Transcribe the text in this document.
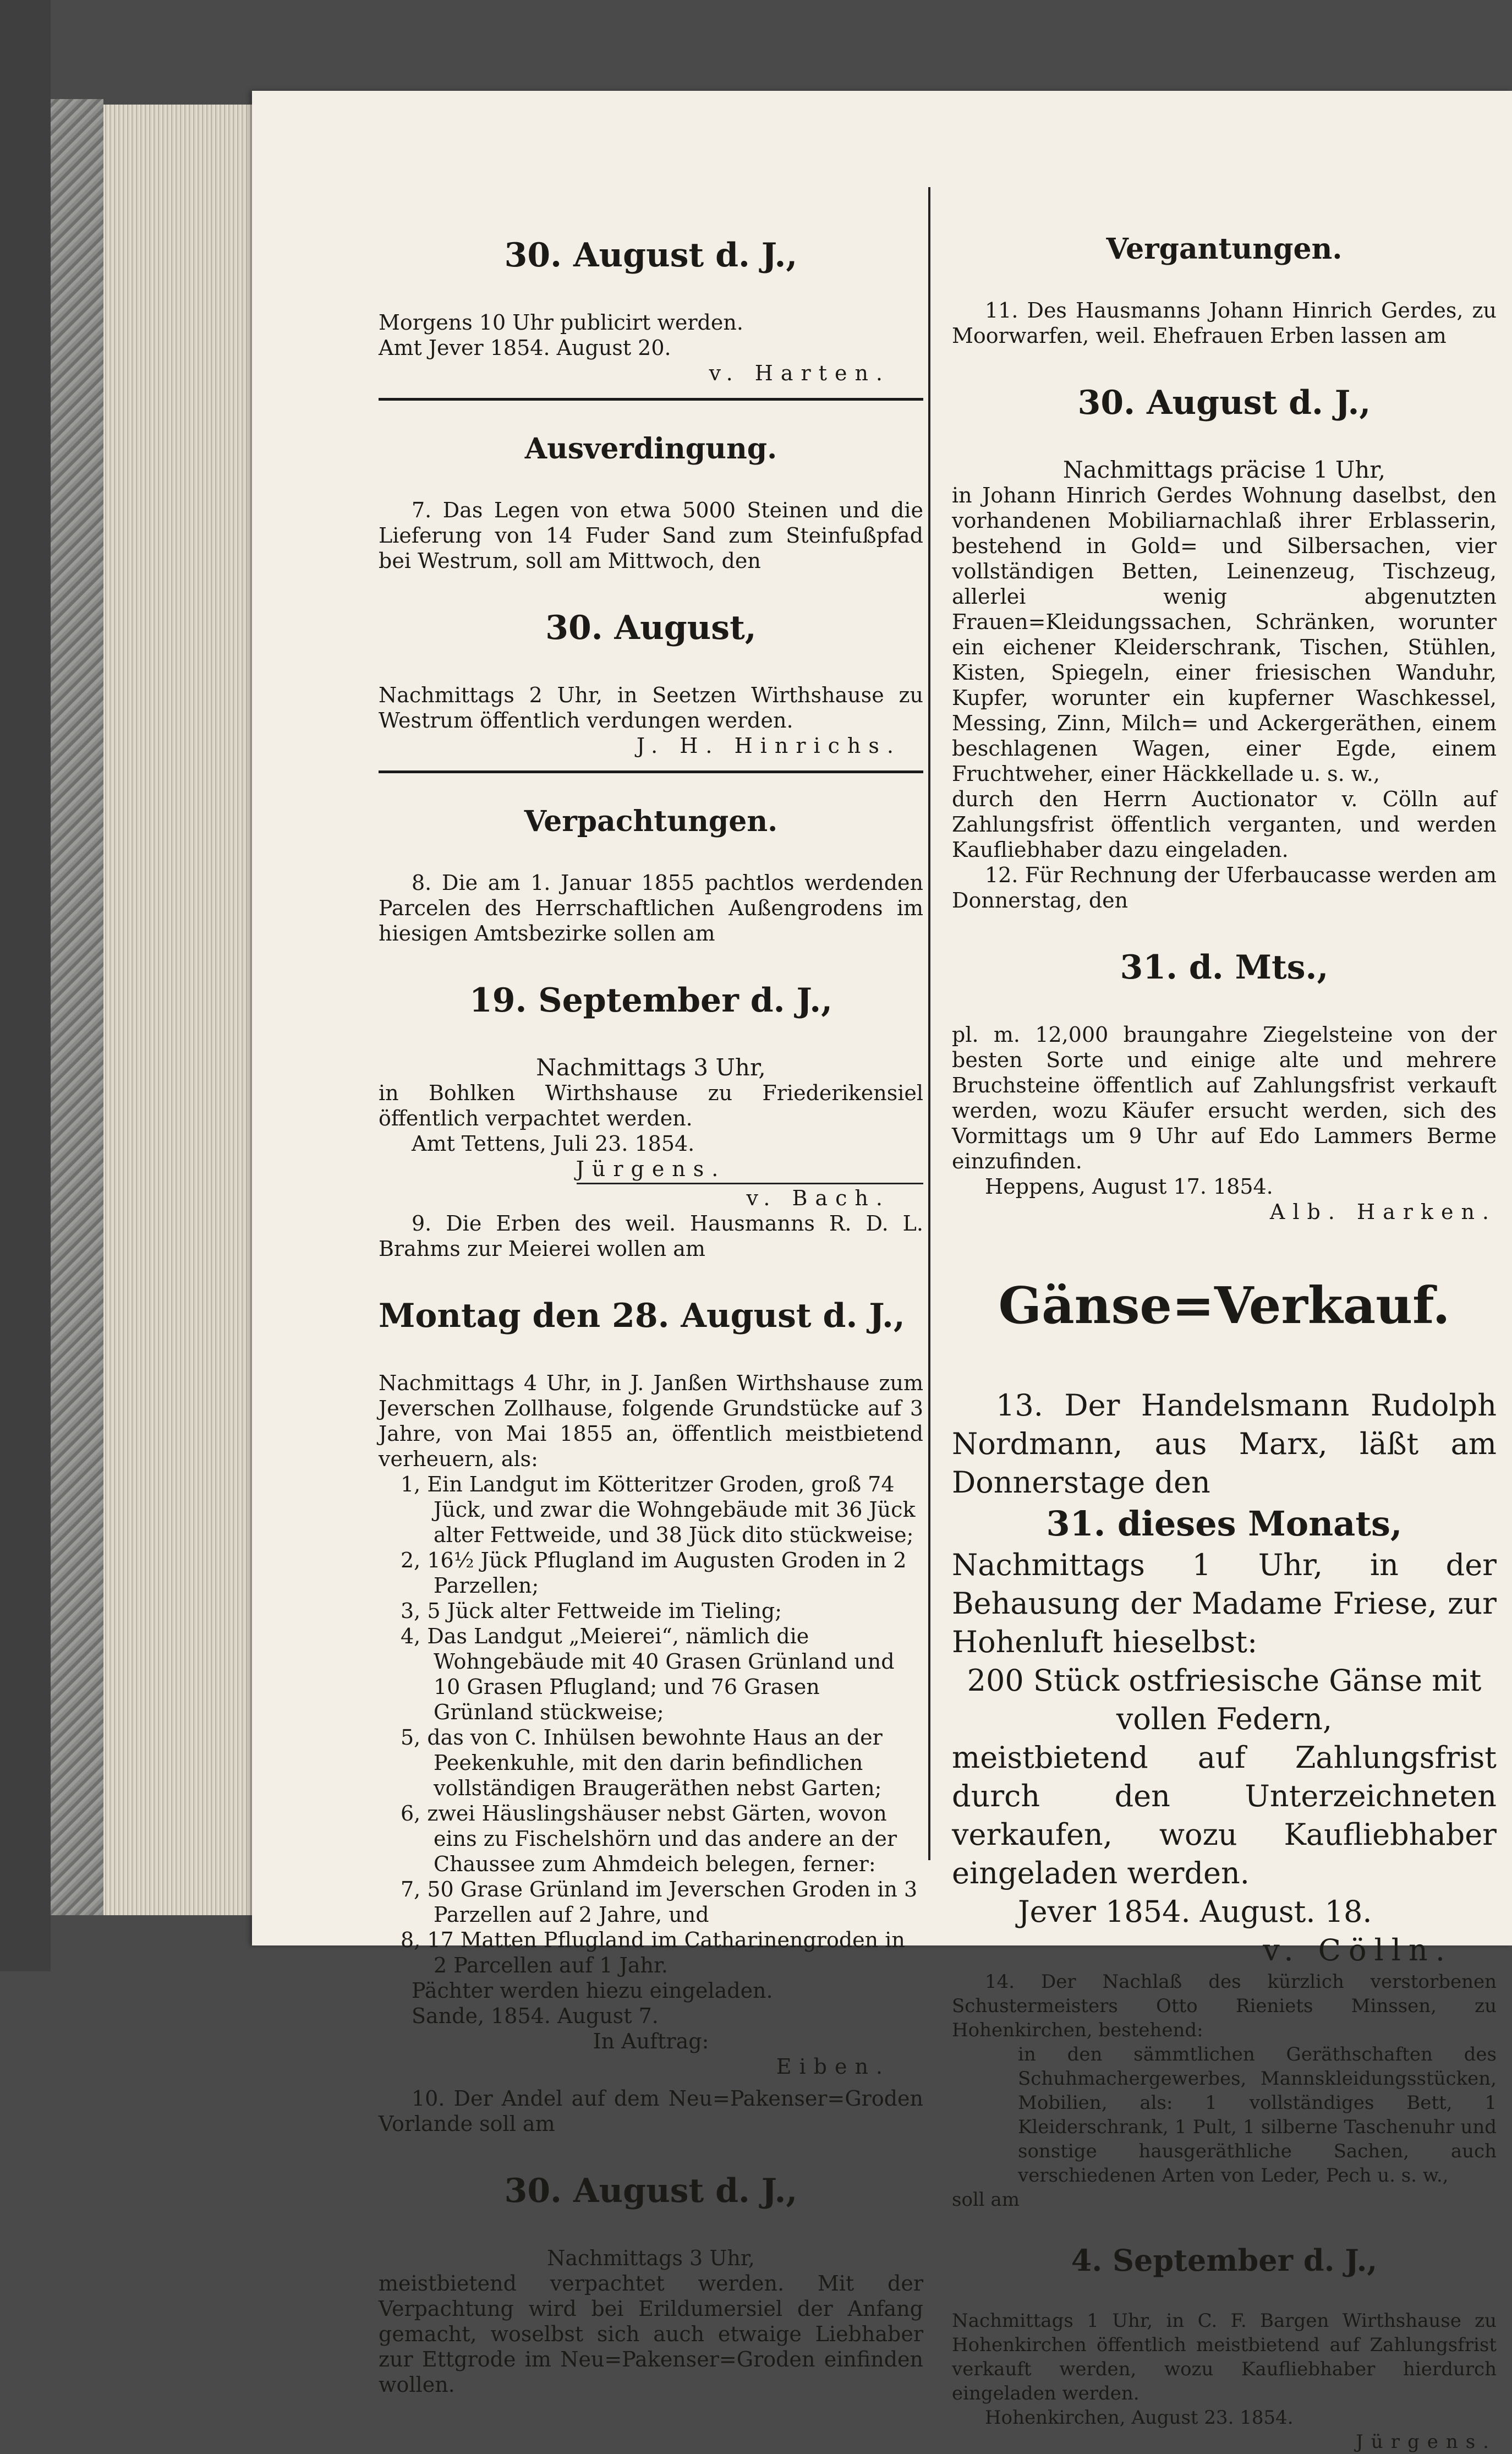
30. August d. J.,

Morgens 10 Uhr publicirt werden.

Amt Jever 1854. August 20.

v. Harten.

Ausverdingung.

7. Das Legen von etwa 5000 Steinen und die Lieferung von 14 Fuder Sand zum Steinfußpfad bei Westrum, soll am Mittwoch, den

30. August,

Nachmittags 2 Uhr, in Seetzen Wirthshause zu Westrum öffentlich verdungen werden.

J. H. Hinrichs.

Verpachtungen.

8. Die am 1. Januar 1855 pachtlos werdenden Parcelen des Herrschaftlichen Außengrodens im hiesigen Amtsbezirke sollen am

19. September d. J.,

Nachmittags 3 Uhr,

in Bohlken Wirthshause zu Friederikensiel öffentlich verpachtet werden.

Amt Tettens, Juli 23. 1854.

Jürgens.

v. Bach.

9. Die Erben des weil. Hausmanns R. D. L. Brahms zur Meierei wollen am

Montag den 28. August d. J.,

Nachmittags 4 Uhr, in J. Janßen Wirthshause zum Jeverschen Zollhause, folgende Grundstücke auf 3 Jahre, von Mai 1855 an, öffentlich meistbietend verheuern, als:

1, Ein Landgut im Kötteritzer Groden, groß 74 Jück, und zwar die Wohngebäude mit 36 Jück alter Fettweide, und 38 Jück dito stückweise;

2, 16½ Jück Pflugland im Augusten Groden in 2 Parzellen;

3, 5 Jück alter Fettweide im Tieling;

4, Das Landgut „Meierei“, nämlich die Wohngebäude mit 40 Grasen Grünland und 10 Grasen Pflugland; und 76 Grasen Grünland stückweise;

5, das von C. Inhülsen bewohnte Haus an der Peekenkuhle, mit den darin befindlichen vollständigen Braugeräthen nebst Garten;

6, zwei Häuslingshäuser nebst Gärten, wovon eins zu Fischelshörn und das andere an der Chaussee zum Ahmdeich belegen, ferner:

7, 50 Grase Grünland im Jeverschen Groden in 3 Parzellen auf 2 Jahre, und

8, 17 Matten Pflugland im Catharinengroden in 2 Parcellen auf 1 Jahr.

Pächter werden hiezu eingeladen.

Sande, 1854. August 7.

In Auftrag:

Eiben.

10. Der Andel auf dem Neu=Pakenser=Groden Vorlande soll am

30. August d. J.,

Nachmittags 3 Uhr,

meistbietend verpachtet werden. Mit der Verpachtung wird bei Erildumersiel der Anfang gemacht, woselbst sich auch etwaige Liebhaber zur Ettgrode im Neu=Pakenser=Groden einfinden wollen.

Vergantungen.

11. Des Hausmanns Johann Hinrich Gerdes, zu Moorwarfen, weil. Ehefrauen Erben lassen am

30. August d. J.,

Nachmittags präcise 1 Uhr,

in Johann Hinrich Gerdes Wohnung daselbst, den vorhandenen Mobiliarnachlaß ihrer Erblasserin, bestehend in Gold= und Silbersachen, vier vollständigen Betten, Leinenzeug, Tischzeug, allerlei wenig abgenutzten Frauen=Kleidungssachen, Schränken, worunter ein eichener Kleiderschrank, Tischen, Stühlen, Kisten, Spiegeln, einer friesischen Wanduhr, Kupfer, worunter ein kupferner Waschkessel, Messing, Zinn, Milch= und Ackergeräthen, einem beschlagenen Wagen, einer Egde, einem Fruchtweher, einer Häckkellade u. s. w.,

durch den Herrn Auctionator v. Cölln auf Zahlungsfrist öffentlich verganten, und werden Kaufliebhaber dazu eingeladen.

12. Für Rechnung der Uferbaucasse werden am Donnerstag, den

31. d. Mts.,

pl. m. 12,000 braungahre Ziegelsteine von der besten Sorte und einige alte und mehrere Bruchsteine öffentlich auf Zahlungsfrist verkauft werden, wozu Käufer ersucht werden, sich des Vormittags um 9 Uhr auf Edo Lammers Berme einzufinden.

Heppens, August 17. 1854.

Alb. Harken.

Gänse=Verkauf.

13. Der Handelsmann Rudolph Nordmann, aus Marx, läßt am Donnerstage den

31. dieses Monats,

Nachmittags 1 Uhr, in der Behausung der Madame Friese, zur Hohenluft hieselbst:

200 Stück ostfriesische Gänse mit vollen Federn,

meistbietend auf Zahlungsfrist durch den Unterzeichneten verkaufen, wozu Kaufliebhaber eingeladen werden.

Jever 1854. August. 18.

v. Cölln.

14. Der Nachlaß des kürzlich verstorbenen Schustermeisters Otto Rieniets Minssen, zu Hohenkirchen, bestehend:

in den sämmtlichen Geräthschaften des Schuhmachergewerbes, Mannskleidungsstücken, Mobilien, als: 1 vollständiges Bett, 1 Kleiderschrank, 1 Pult, 1 silberne Taschenuhr und sonstige hausgeräthliche Sachen, auch verschiedenen Arten von Leder, Pech u. s. w.,

soll am

4. September d. J.,

Nachmittags 1 Uhr, in C. F. Bargen Wirthshause zu Hohenkirchen öffentlich meistbietend auf Zahlungsfrist verkauft werden, wozu Kaufliebhaber hierdurch eingeladen werden.

Hohenkirchen, August 23. 1854.

Jürgens.
